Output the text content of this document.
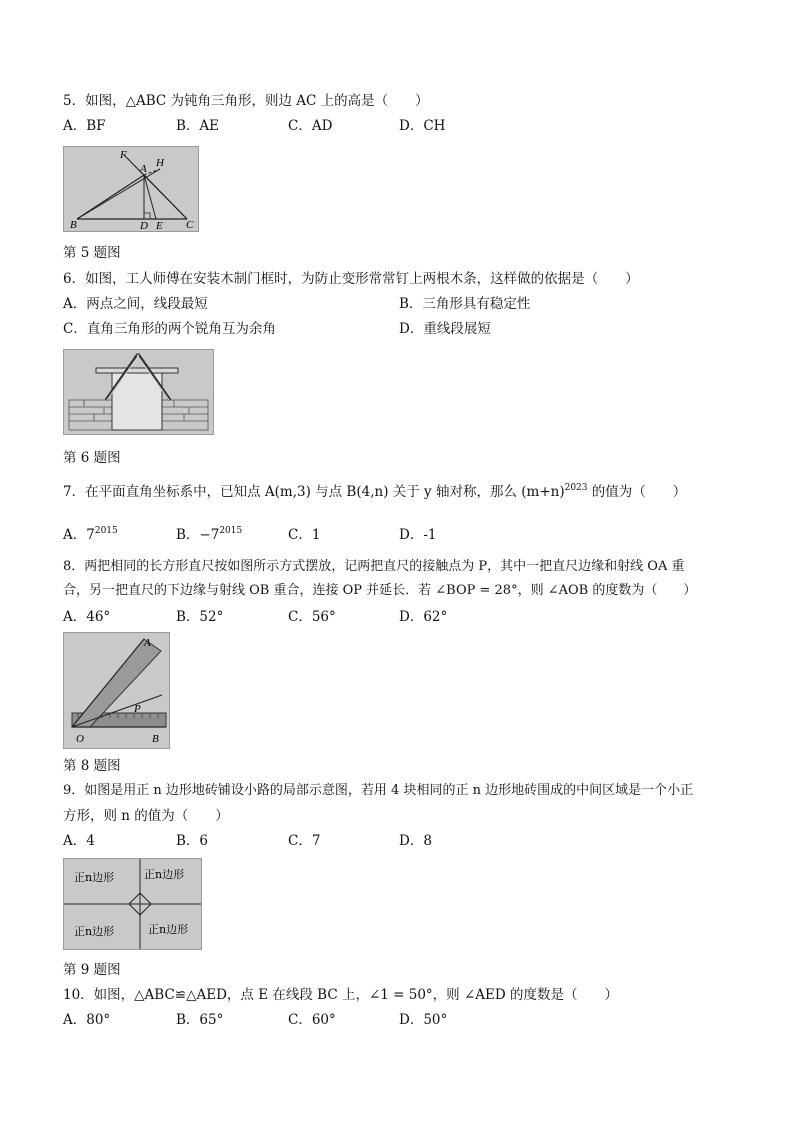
5．如图，△ABC 为钝角三角形，则边 AC 上的高是（　　）
A．BF	B．AE	C．AD	D．CH
F
A H
B	D E C
第 5 题图
6．如图，工人师傅在安装木制门框时，为防止变形常常钉上两根木条，这样做的依据是（　　）
A．两点之间，线段最短	B．三角形具有稳定性
C．直角三角形的两个锐角互为余角	D．重线段展短
第 6 题图
7．在平面直角坐标系中，已知点 A(m,3) 与点 B(4,n) 关于 y 轴对称，那么 $(m+n)^{2023}$ 的值为（　　）
A．$7^{2015}$	B．$-7^{2015}$	C．1	D．-1
8．两把相同的长方形直尺按如图所示方式摆放，记两把直尺的接触点为 P，其中一把直尺边缘和射线 OA 重
合，另一把直尺的下边缘与射线 OB 重合，连接 OP 并延长．若 ∠BOP = 28°，则 ∠AOB 的度数为（　　）
A．46°	B．52°	C．56°	D．62°
A
P
O	B
第 8 题图
9．如图是用正 n 边形地砖铺设小路的局部示意图，若用 4 块相同的正 n 边形地砖围成的中间区域是一个小正
方形，则 n 的值为（　　）
A．4	B．6	C．7	D．8
正n边形	正n边形
正n边形	正n边形
第 9 题图
10．如图，△ABC≌△AED，点 E 在线段 BC 上，∠1 = 50°，则 ∠AED 的度数是（　　）
A．80°	B．65°	C．60°	D．50°
